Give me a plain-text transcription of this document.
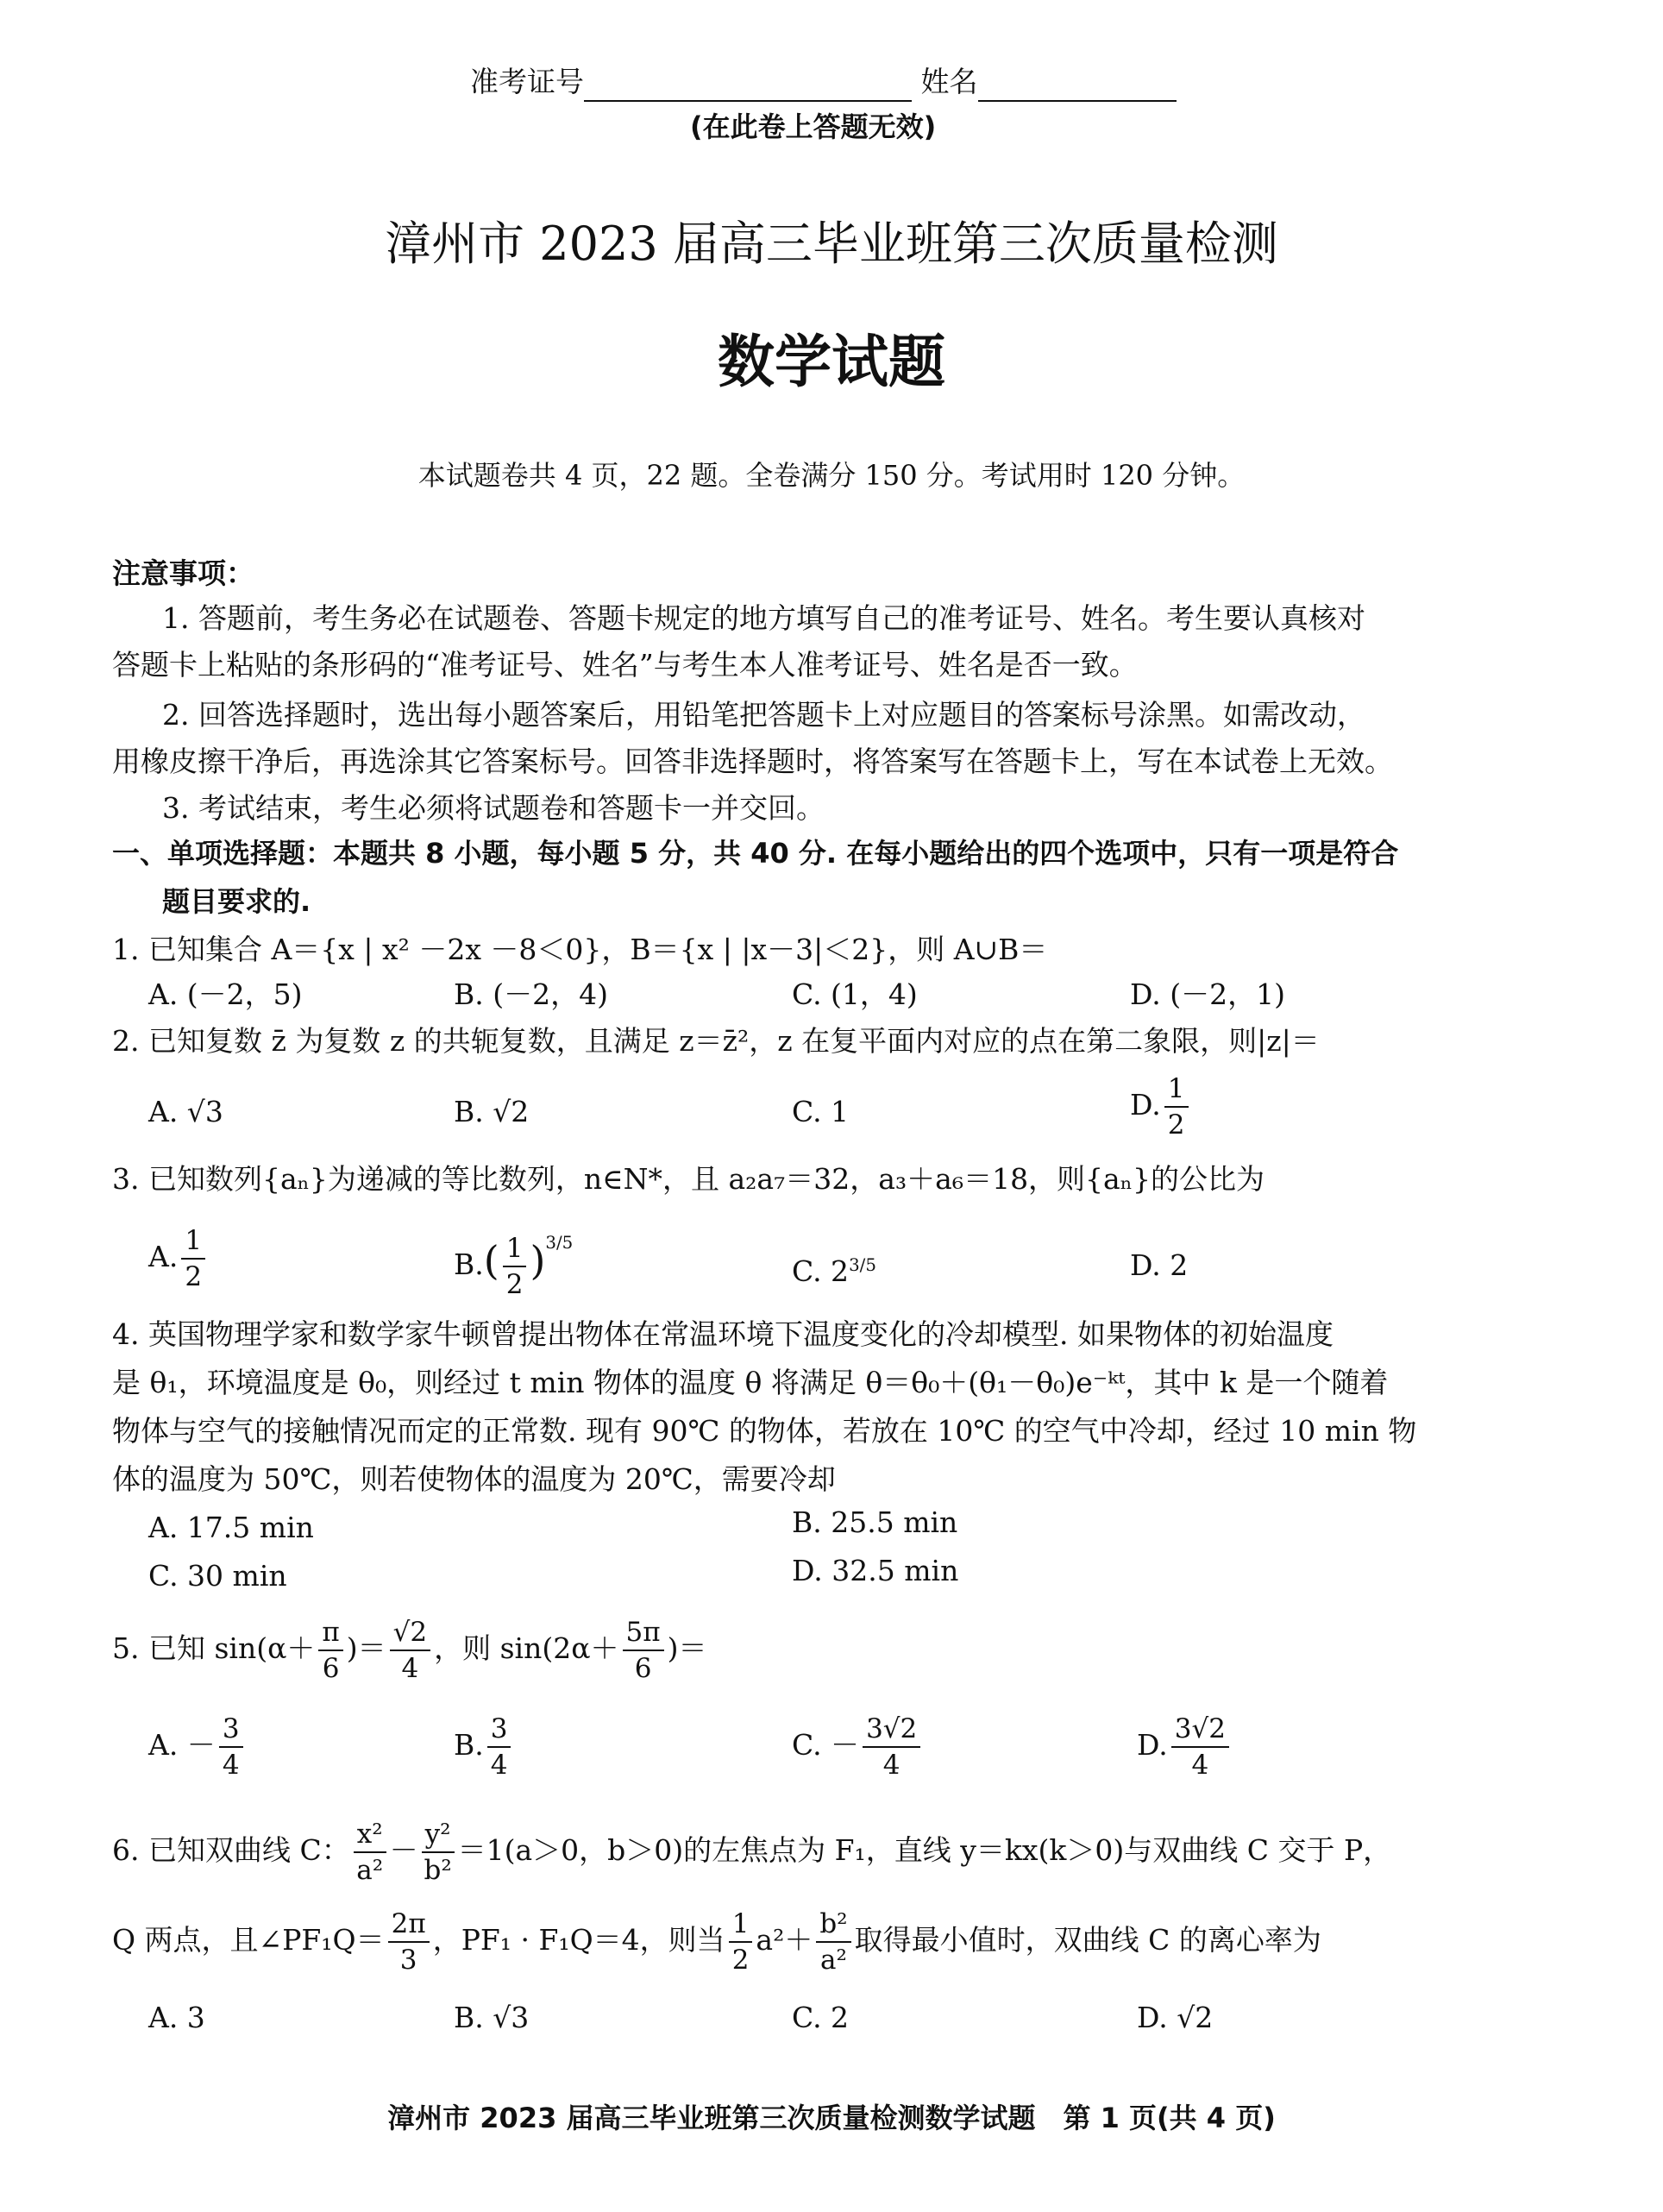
准考证号	姓名
(在此卷上答题无效)
漳州市 2023 届高三毕业班第三次质量检测
数学试题
本试题卷共 4 页，22 题。全卷满分 150 分。考试用时 120 分钟。
注意事项：
1. 答题前，考生务必在试题卷、答题卡规定的地方填写自己的准考证号、姓名。考生要认真核对
答题卡上粘贴的条形码的“准考证号、姓名”与考生本人准考证号、姓名是否一致。
2. 回答选择题时，选出每小题答案后，用铅笔把答题卡上对应题目的答案标号涂黑。如需改动，
用橡皮擦干净后，再选涂其它答案标号。回答非选择题时，将答案写在答题卡上，写在本试卷上无效。
3. 考试结束，考生必须将试题卷和答题卡一并交回。
一、单项选择题：本题共 8 小题，每小题 5 分，共 40 分. 在每小题给出的四个选项中，只有一项是符合
题目要求的.
1. 已知集合 A＝{x | x² －2x －8＜0}，B＝{x | |x－3|＜2}，则 A∪B＝
A. (－2，5)	B. (－2，4)	C. (1，4)	D. (－2，1)
2. 已知复数 z̄ 为复数 z 的共轭复数，且满足 z＝z̄²，z 在复平面内对应的点在第二象限，则|z|＝
A. √3	B. √2	C. 1	D. $\frac{1}{2}$
3. 已知数列{aₙ}为递减的等比数列，n∈N*，且 a₂a₇＝32，a₃＋a₆＝18，则{aₙ}的公比为
A. $\frac{1}{2}$	$B.( \frac{1}{2} )^{3/5}$
C. $2^{3/5}$	D. 2
4. 英国物理学家和数学家牛顿曾提出物体在常温环境下温度变化的冷却模型. 如果物体的初始温度
是 θ₁，环境温度是 θ₀，则经过 t min 物体的温度 θ 将满足 θ＝θ₀＋(θ₁－θ₀)e⁻ᵏᵗ，其中 k 是一个随着
物体与空气的接触情况而定的正常数. 现有 90℃ 的物体，若放在 10℃ 的空气中冷却，经过 10 min 物
体的温度为 50℃，则若使物体的温度为 20℃，需要冷却
A. 17.5 min	B. 25.5 min
C. 30 min	D. 32.5 min
5. 已知 $\sin(\alpha+ \frac{\pi}{6}$ )＝ $\frac{√2}{4}$ ，则 $\sin(2\alpha+ \frac{5\pi}{6}$ )＝
A. － $\frac{3}{4}$	B. $\frac{3}{4}$	C. － $\frac{3√2}{4}$	D. $\frac{3√2}{4}$
6. 已知双曲线 C： $\frac{\text{x²}}{\text{a²}} - \frac{\text{y²}}{\text{b²}} =1(a>0$，b＞0)的左焦点为 F₁，直线 y＝kx(k＞0)与双曲线 C 交于 P，
Q 两点，且∠PF₁Q＝ $\frac{2\pi}{3}$ ，PF₁ · F₁Q＝4，则当 $\frac{1}{2} a^2+ \frac{\text{b²}}{\text{a²}}$ 取得最小值时，双曲线 C 的离心率为
A. 3	B. √3	C. 2	D. √2
漳州市 2023 届高三毕业班第三次质量检测数学试题　第 1 页(共 4 页)
